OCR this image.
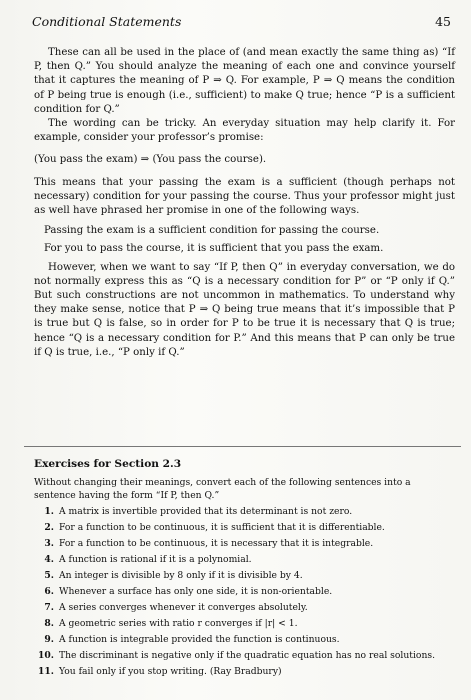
Conditional Statements	45

These can all be used in the place of (and mean exactly the same thing as) “If P, then Q.” You should analyze the meaning of each one and convince yourself that it captures the meaning of P ⇒ Q. For example, P ⇒ Q means the condition of P being true is enough (i.e., sufficient) to make Q true; hence “P is a sufficient condition for Q.”

The wording can be tricky. An everyday situation may help clarify it. For example, consider your professor’s promise:

(You pass the exam) ⇒ (You pass the course).

This means that your passing the exam is a sufficient (though perhaps not necessary) condition for your passing the course. Thus your professor might just as well have phrased her promise in one of the following ways.

Passing the exam is a sufficient condition for passing the course.

For you to pass the course, it is sufficient that you pass the exam.

However, when we want to say “If P, then Q” in everyday conversation, we do not normally express this as “Q is a necessary condition for P” or “P only if Q.” But such constructions are not uncommon in mathematics. To understand why they make sense, notice that P ⇒ Q being true means that it’s impossible that P is true but Q is false, so in order for P to be true it is necessary that Q is true; hence “Q is a necessary condition for P.” And this means that P can only be true if Q is true, i.e., “P only if Q.”

Exercises for Section 2.3

Without changing their meanings, convert each of the following sentences into a sentence having the form “If P, then Q.”

1. A matrix is invertible provided that its determinant is not zero.
2. For a function to be continuous, it is sufficient that it is differentiable.
3. For a function to be continuous, it is necessary that it is integrable.
4. A function is rational if it is a polynomial.
5. An integer is divisible by 8 only if it is divisible by 4.
6. Whenever a surface has only one side, it is non-orientable.
7. A series converges whenever it converges absolutely.
8. A geometric series with ratio r converges if |r| < 1.
9. A function is integrable provided the function is continuous.
10. The discriminant is negative only if the quadratic equation has no real solutions.
11. You fail only if you stop writing. (Ray Bradbury)
